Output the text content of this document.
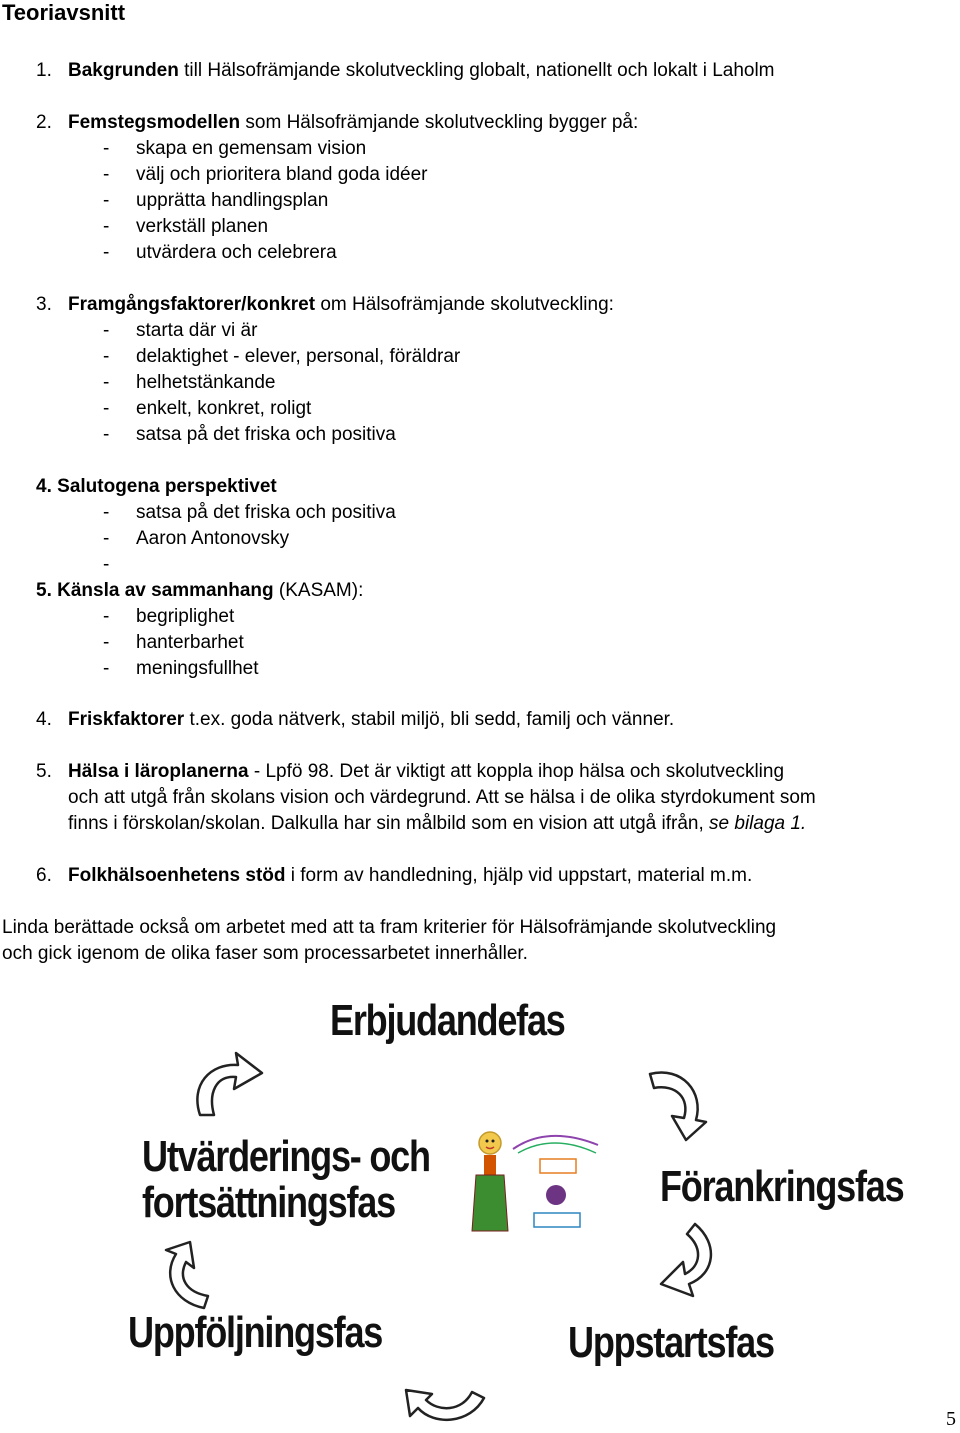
Teoriavsnitt
1. Bakgrunden till Hälsofrämjande skolutveckling globalt, nationellt och lokalt i Laholm
2. Femstegsmodellen som Hälsofrämjande skolutveckling bygger på:
- skapa en gemensam vision
- välj och prioritera bland goda idéer
- upprätta handlingsplan
- verkställ planen
- utvärdera och celebrera
3. Framgångsfaktorer/konkret om Hälsofrämjande skolutveckling:
- starta där vi är
- delaktighet - elever, personal, föräldrar
- helhetstänkande
- enkelt, konkret, roligt
- satsa på det friska och positiva
4. Salutogena perspektivet
- satsa på det friska och positiva
- Aaron Antonovsky
-
5. Känsla av sammanhang (KASAM):
- begriplighet
- hanterbarhet
- meningsfullhet
4. Friskfaktorer t.ex. goda nätverk, stabil miljö, bli sedd, familj och vänner.
5. Hälsa i läroplanerna - Lpfö 98. Det är viktigt att koppla ihop hälsa och skolutveckling
och att utgå från skolans vision och värdegrund. Att se hälsa i de olika styrdokument som
finns i förskolan/skolan. Dalkulla har sin målbild som en vision att utgå ifrån, se bilaga 1.
6. Folkhälsoenhetens stöd i form av handledning, hjälp vid uppstart, material m.m.
Linda berättade också om arbetet med att ta fram kriterier för Hälsofrämjande skolutveckling
och gick igenom de olika faser som processarbetet innerhåller.
Erbjudandefas
Utvärderings- och
fortsättningsfas	Förankringsfas
Uppföljningsfas	Uppstartsfas
5
